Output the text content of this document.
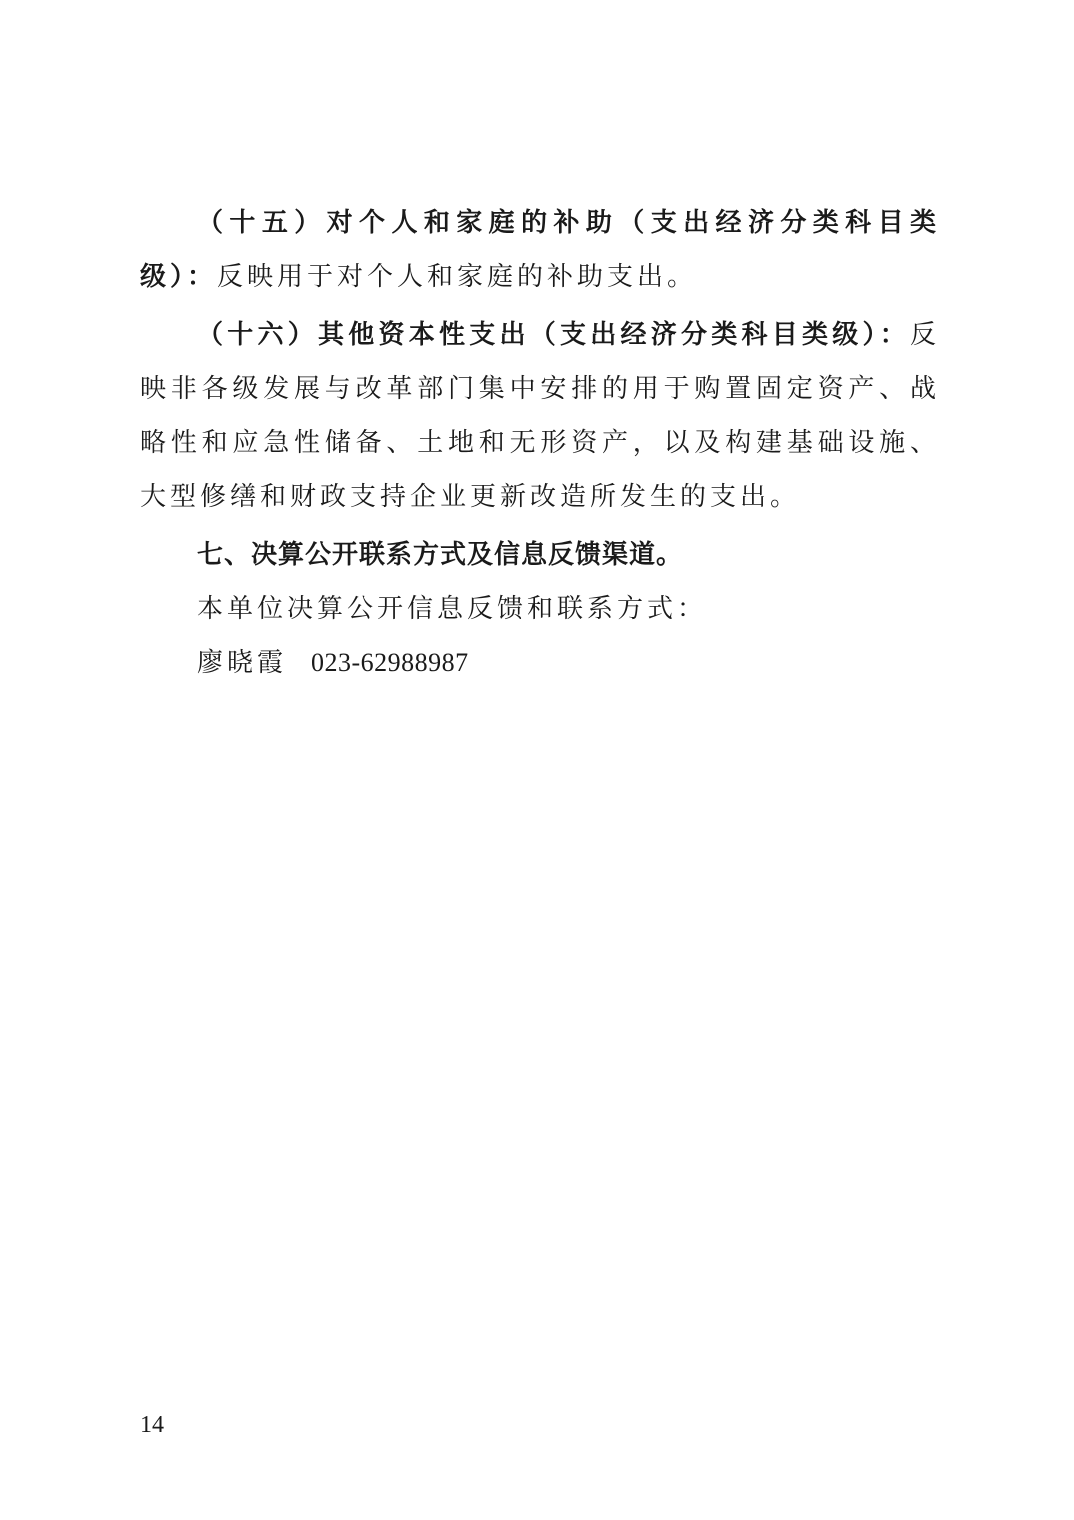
（十五）对个人和家庭的补助（支出经济分类科目类级）：反映用于对个人和家庭的补助支出。

（十六）其他资本性支出（支出经济分类科目类级）：反映非各级发展与改革部门集中安排的用于购置固定资产、战略性和应急性储备、土地和无形资产，以及构建基础设施、大型修缮和财政支持企业更新改造所发生的支出。

七、决算公开联系方式及信息反馈渠道。

本单位决算公开信息反馈和联系方式：

廖晓霞 023-62988987

14
